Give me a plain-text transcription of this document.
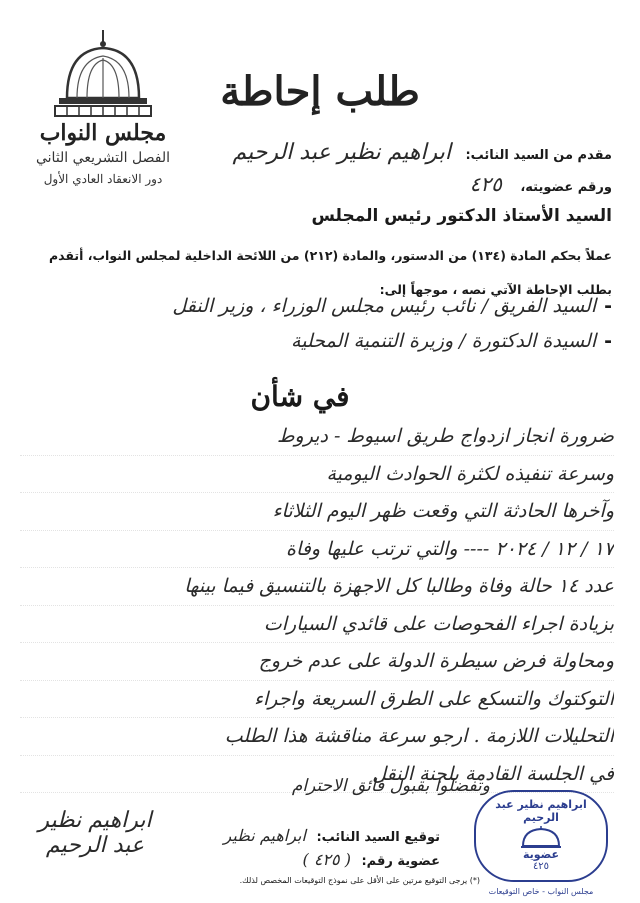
مجلس النواب
الفصل التشريعي الثاني
دور الانعقاد العادي الأول
طلب إحاطة
مقدم من السيد النائب: ابراهيم نظير عبد الرحيم
ورقم عضويته، ٤٢٥
السيد الأستاذ الدكتور رئيس المجلس
عملاً بحكم المادة (١٣٤) من الدستور، والمادة (٢١٢) من اللائحة الداخلية لمجلس النواب، أتقدم
بطلب الإحاطة الآتي نصه ، موجهاً إلى:
-السيد الفريق / نائب رئيس مجلس الوزراء ، وزير النقل
-السيدة الدكتورة / وزيرة التنمية المحلية
في شأن
ضرورة انجاز ازدواج طريق اسيوط - ديروط
وسرعة تنفيذه لكثرة الحوادث اليومية
وآخرها الحادثة التي وقعت ظهر اليوم الثلاثاء
١٧ / ١٢ / ٢٠٢٤ ---- والتي ترتب عليها وفاة
عدد ١٤ حالة وفاة وطالبا كل الاجهزة بالتنسيق فيما بينها
بزيادة اجراء الفحوصات على قائدي السيارات
ومحاولة فرض سيطرة الدولة على عدم خروج
التوكتوك والتسكع على الطرق السريعة واجراء
التحليلات اللازمة . ارجو سرعة مناقشة هذا الطلب
في الجلسة القادمة بلجنة النقل
وتفضلوا بقبول فائق الاحترام
ابراهيم نظير عبد الرحيم	توقيع السيد النائب: ابراهيم نظير
عضوية رقم: ( ٤٢٥ )
ابراهيم نظير عبد الرحيم
عضوية
٤٢٥
مجلس النواب - خاص التوقيعات
(*) يرجى التوقيع مرتين على الأقل على نموذج التوقيعات المخصص لذلك.
